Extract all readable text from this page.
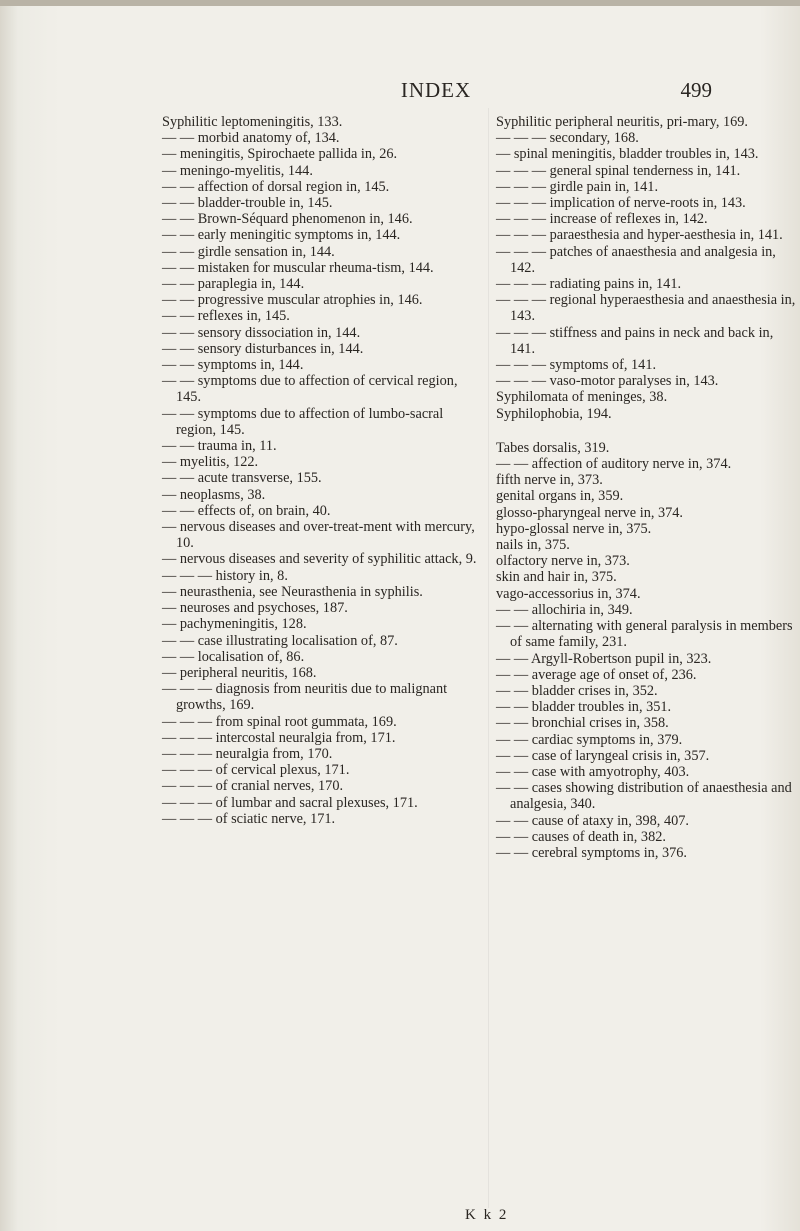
INDEX	499

Syphilitic leptomeningitis, 133.

— — morbid anatomy of, 134.

— meningitis, Spirochaete pallida in, 26.

— meningo-myelitis, 144.

— — affection of dorsal region in, 145.

— — bladder-trouble in, 145.

— — Brown-Séquard phenomenon in, 146.

— — early meningitic symptoms in, 144.

— — girdle sensation in, 144.

— — mistaken for muscular rheuma-tism, 144.

— — paraplegia in, 144.

— — progressive muscular atrophies in, 146.

— — reflexes in, 145.

— — sensory dissociation in, 144.

— — sensory disturbances in, 144.

— — symptoms in, 144.

— — symptoms due to affection of cervical region, 145.

— — symptoms due to affection of lumbo-sacral region, 145.

— — trauma in, 11.

— myelitis, 122.

— — acute transverse, 155.

— neoplasms, 38.

— — effects of, on brain, 40.

— nervous diseases and over-treat-ment with mercury, 10.

— nervous diseases and severity of syphilitic attack, 9.

— — — history in, 8.

— neurasthenia, see Neurasthenia in syphilis.

— neuroses and psychoses, 187.

— pachymeningitis, 128.

— — case illustrating localisation of, 87.

— — localisation of, 86.

— peripheral neuritis, 168.

— — — diagnosis from neuritis due to malignant growths, 169.

— — — from spinal root gummata, 169.

— — — intercostal neuralgia from, 171.

— — — neuralgia from, 170.

— — — of cervical plexus, 171.

— — — of cranial nerves, 170.

— — — of lumbar and sacral plexuses, 171.

— — — of sciatic nerve, 171.

Syphilitic peripheral neuritis, pri-mary, 169.

— — — secondary, 168.

— spinal meningitis, bladder troubles in, 143.

— — — general spinal tenderness in, 141.

— — — girdle pain in, 141.

— — — implication of nerve-roots in, 143.

— — — increase of reflexes in, 142.

— — — paraesthesia and hyper-aesthesia in, 141.

— — — patches of anaesthesia and analgesia in, 142.

— — — radiating pains in, 141.

— — — regional hyperaesthesia and anaesthesia in, 143.

— — — stiffness and pains in neck and back in, 141.

— — — symptoms of, 141.

— — — vaso-motor paralyses in, 143.

Syphilomata of meninges, 38.

Syphilophobia, 194.

Tabes dorsalis, 319.

— — affection of auditory nerve in, 374.

fifth nerve in, 373.

genital organs in, 359.

glosso-pharyngeal nerve in, 374.

hypo-glossal nerve in, 375.

nails in, 375.

olfactory nerve in, 373.

skin and hair in, 375.

vago-accessorius in, 374.

— — allochiria in, 349.

— — alternating with general paralysis in members of same family, 231.

— — Argyll-Robertson pupil in, 323.

— — average age of onset of, 236.

— — bladder crises in, 352.

— — bladder troubles in, 351.

— — bronchial crises in, 358.

— — cardiac symptoms in, 379.

— — case of laryngeal crisis in, 357.

— — case with amyotrophy, 403.

— — cases showing distribution of anaesthesia and analgesia, 340.

— — cause of ataxy in, 398, 407.

— — causes of death in, 382.

— — cerebral symptoms in, 376.

K k 2
